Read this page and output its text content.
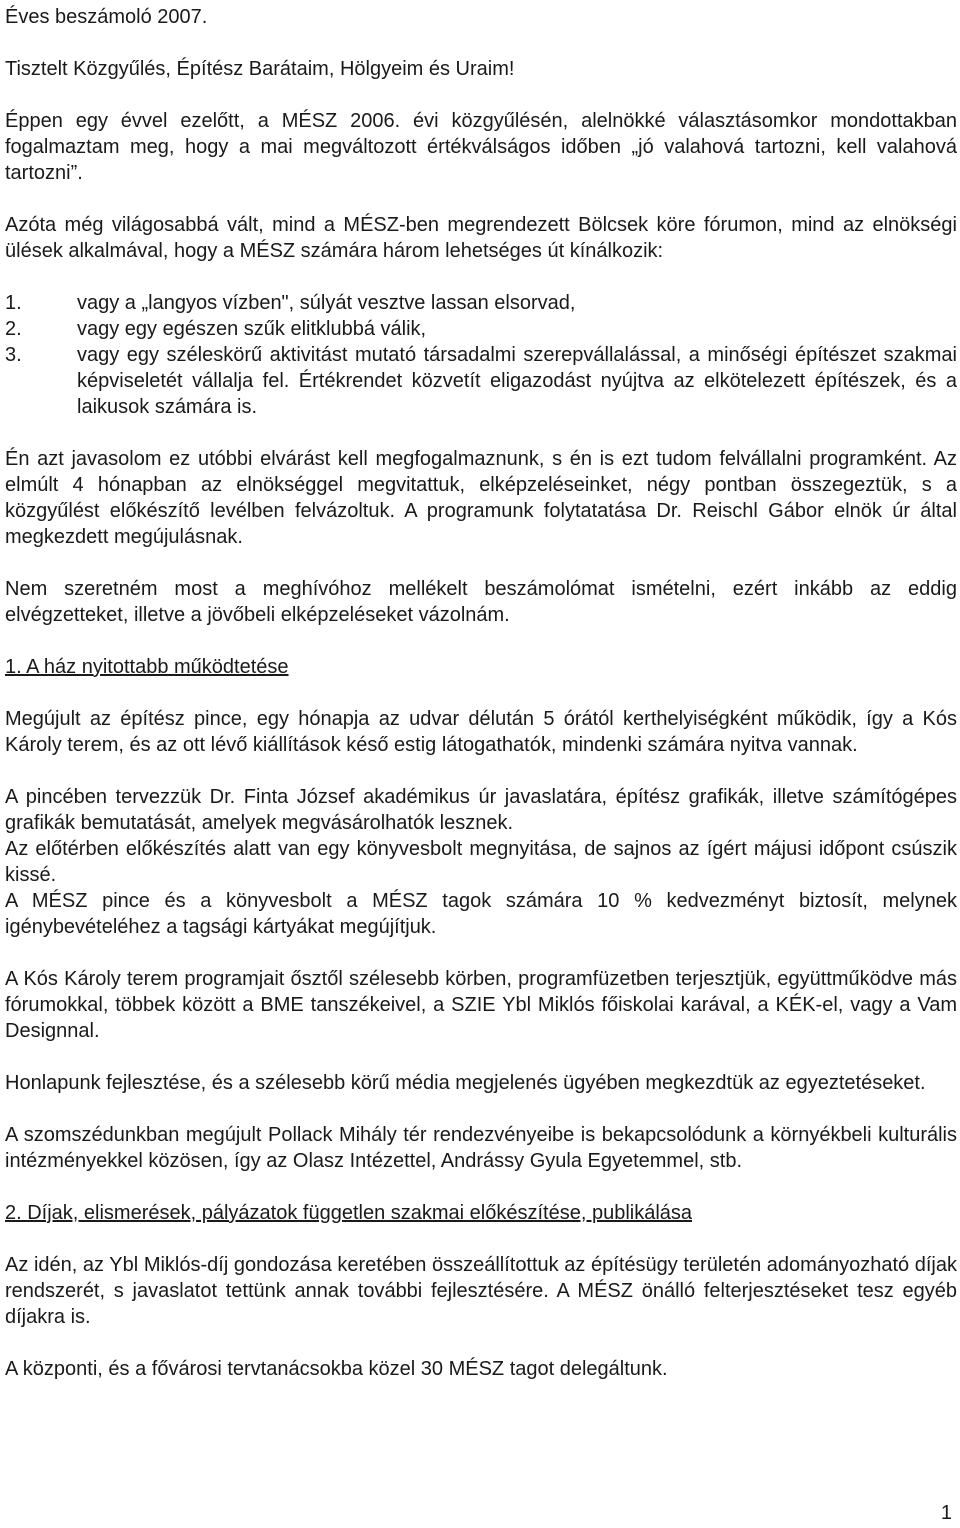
Éves beszámoló 2007.

Tisztelt Közgyűlés, Építész Barátaim, Hölgyeim és Uraim!

Éppen egy évvel ezelőtt, a MÉSZ 2006. évi közgyűlésén, alelnökké választásomkor mondottakban fogalmaztam meg, hogy a mai megváltozott értékválságos időben „jó valahová tartozni, kell valahová tartozni”.

Azóta még világosabbá vált, mind a MÉSZ-ben megrendezett Bölcsek köre fórumon, mind az elnökségi ülések alkalmával, hogy a MÉSZ számára három lehetséges út kínálkozik:

1.	vagy a „langyos vízben", súlyát vesztve lassan elsorvad,
2.	vagy egy egészen szűk elitklubbá válik,
3.	vagy egy széleskörű aktivitást mutató társadalmi szerepvállalással, a minőségi építészet szakmai képviseletét vállalja fel. Értékrendet közvetít eligazodást nyújtva az elkötelezett építészek, és a laikusok számára is.

Én azt javasolom ez utóbbi elvárást kell megfogalmaznunk, s én is ezt tudom felvállalni programként. Az elmúlt 4 hónapban az elnökséggel megvitattuk, elképzeléseinket, négy pontban összegeztük, s a közgyűlést előkészítő levélben felvázoltuk. A programunk folytatatása Dr. Reischl Gábor elnök úr által megkezdett megújulásnak.

Nem szeretném most a meghívóhoz mellékelt beszámolómat ismételni, ezért inkább az eddig elvégzetteket, illetve a jövőbeli elképzeléseket vázolnám.

1. A ház nyitottabb működtetése

Megújult az építész pince, egy hónapja az udvar délután 5 órától kerthelyiségként működik, így a Kós Károly terem, és az ott lévő kiállítások késő estig látogathatók, mindenki számára nyitva vannak.

A pincében tervezzük Dr. Finta József akadémikus úr javaslatára, építész grafikák, illetve számítógépes grafikák bemutatását, amelyek megvásárolhatók lesznek.

Az előtérben előkészítés alatt van egy könyvesbolt megnyitása, de sajnos az ígért májusi időpont csúszik kissé.

A MÉSZ pince és a könyvesbolt a MÉSZ tagok számára 10 % kedvezményt biztosít, melynek igénybevételéhez a tagsági kártyákat megújítjuk.

A Kós Károly terem programjait ősztől szélesebb körben, programfüzetben terjesztjük, együttműködve más fórumokkal, többek között a BME tanszékeivel, a SZIE Ybl Miklós főiskolai karával, a KÉK-el, vagy a Vam Designnal.

Honlapunk fejlesztése, és a szélesebb körű média megjelenés ügyében megkezdtük az egyeztetéseket.

A szomszédunkban megújult Pollack Mihály tér rendezvényeibe is bekapcsolódunk a környékbeli kulturális intézményekkel közösen, így az Olasz Intézettel, Andrássy Gyula Egyetemmel, stb.

2. Díjak, elismerések, pályázatok független szakmai előkészítése, publikálása

Az idén, az Ybl Miklós-díj gondozása keretében összeállítottuk az építésügy területén adományozható díjak rendszerét, s javaslatot tettünk annak további fejlesztésére. A MÉSZ önálló felterjesztéseket tesz egyéb díjakra is.

A központi, és a fővárosi tervtanácsokba közel 30 MÉSZ tagot delegáltunk.

1
